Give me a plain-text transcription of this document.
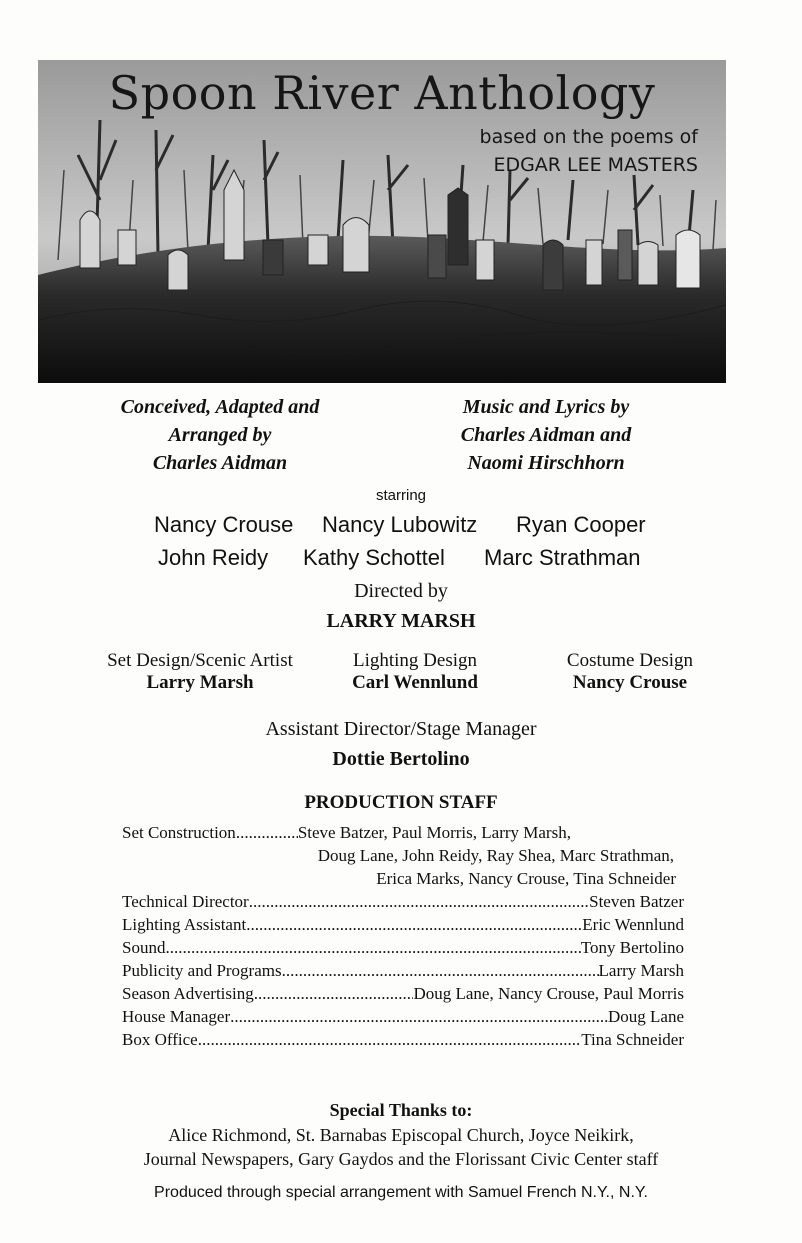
Spoon River Anthology
based on the poems of
EDGAR LEE MASTERS
Conceived, Adapted and
Arranged by
Charles Aidman
Music and Lyrics by
Charles Aidman and
Naomi Hirschhorn
starring
Nancy Crouse Nancy Lubowitz Ryan Cooper
John Reidy Kathy Schottel Marc Strathman
Directed by
LARRY MARSH
Set Design/Scenic Artist
Larry Marsh
Lighting Design
Carl Wennlund
Costume Design
Nancy Crouse
Assistant Director/Stage Manager
Dottie Bertolino
PRODUCTION STAFF
Set Construction .....	Steve Batzer, Paul Morris, Larry Marsh,
Doug Lane, John Reidy, Ray Shea, Marc Strathman,
Erica Marks, Nancy Crouse, Tina Schneider
Technical Director .....	Steven Batzer
Lighting Assistant .....	Eric Wennlund
Sound .....	Tony Bertolino
Publicity and Programs .....	Larry Marsh
Season Advertising .....	Doug Lane, Nancy Crouse, Paul Morris
House Manager .....	Doug Lane
Box Office .....	Tina Schneider
Special Thanks to:
Alice Richmond, St. Barnabas Episcopal Church, Joyce Neikirk,
Journal Newspapers, Gary Gaydos and the Florissant Civic Center staff
Produced through special arrangement with Samuel French N.Y., N.Y.
